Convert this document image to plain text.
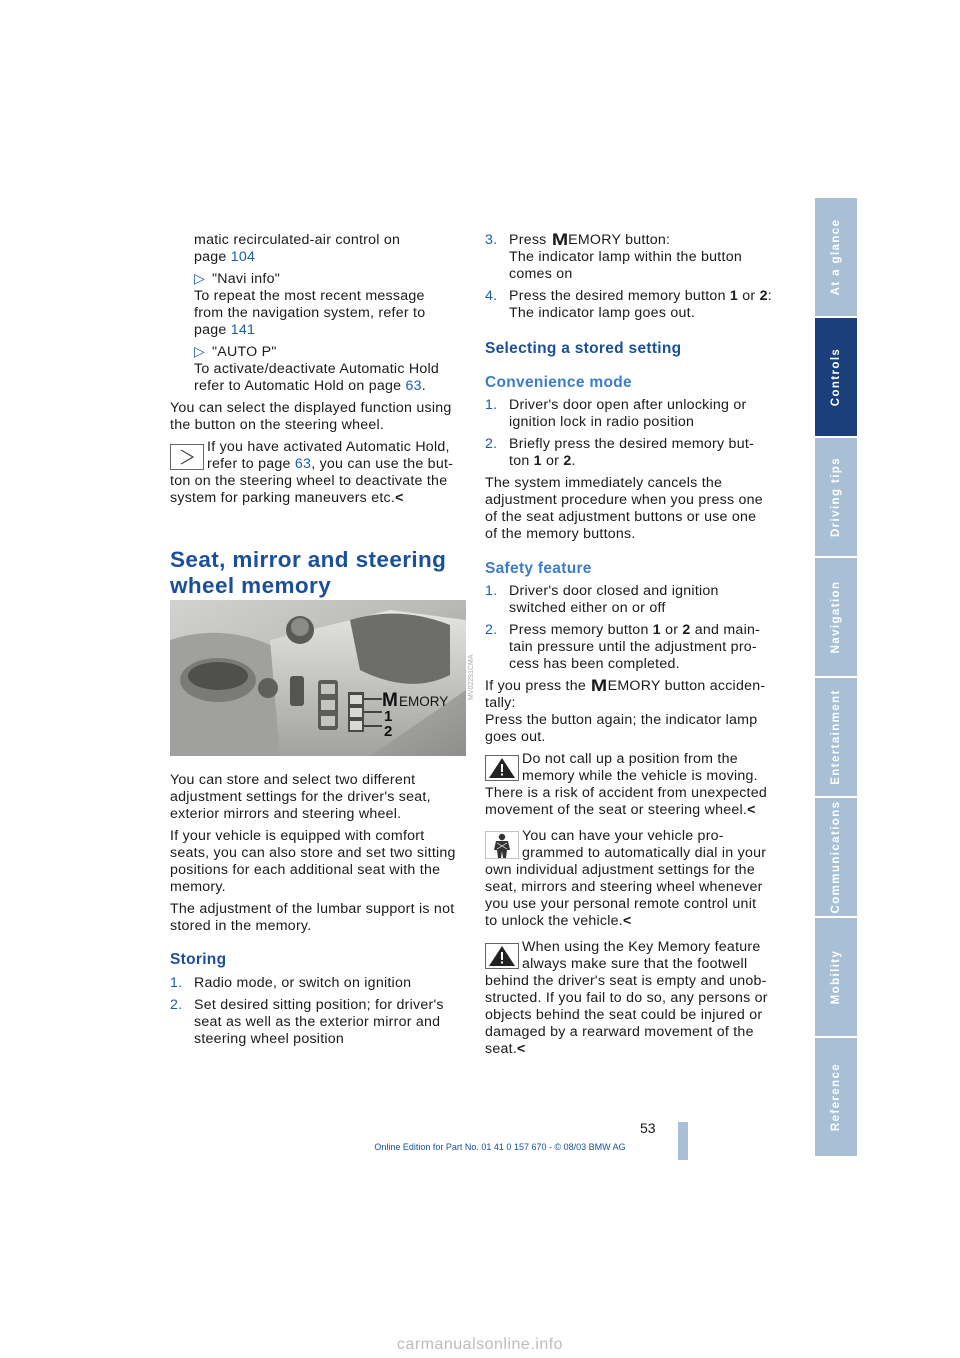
matic recirculated-air control on

page 104

▷ "Navi info"

To repeat the most recent message

from the navigation system, refer to

page 141

▷ "AUTO P"

To activate/deactivate Automatic Hold

refer to Automatic Hold on page 63.

You can select the displayed function using

the button on the steering wheel.

If you have activated Automatic Hold,

refer to page 63, you can use the but-

ton on the steering wheel to deactivate the

system for parking maneuvers etc.<

Seat, mirror and steering
wheel memory
M EMORY
1
2
MV02291CMA

You can store and select two different

adjustment settings for the driver's seat,

exterior mirrors and steering wheel.

If your vehicle is equipped with comfort

seats, you can also store and set two sitting

positions for each additional seat with the

memory.

The adjustment of the lumbar support is not

stored in the memory.

Storing
1. Radio mode, or switch on ignition

2. Set desired sitting position; for driver's

seat as well as the exterior mirror and

steering wheel position

3. Press MEMORY button:

The indicator lamp within the button

comes on

4. Press the desired memory button 1 or 2:

The indicator lamp goes out.

Selecting a stored setting
Convenience mode
1. Driver's door open after unlocking or

ignition lock in radio position

2. Briefly press the desired memory but-

ton 1 or 2.

The system immediately cancels the

adjustment procedure when you press one

of the seat adjustment buttons or use one

of the memory buttons.

Safety feature
1. Driver's door closed and ignition

switched either on or off

2. Press memory button 1 or 2 and main-

tain pressure until the adjustment pro-

cess has been completed.

If you press the MEMORY button acciden-

tally:

Press the button again; the indicator lamp

goes out.

Do not call up a position from the

memory while the vehicle is moving.

There is a risk of accident from unexpected

movement of the seat or steering wheel.<

You can have your vehicle pro-

grammed to automatically dial in your

own individual adjustment settings for the

seat, mirrors and steering wheel whenever

you use your personal remote control unit

to unlock the vehicle.<

When using the Key Memory feature

always make sure that the footwell

behind the driver's seat is empty and unob-

structed. If you fail to do so, any persons or

objects behind the seat could be injured or

damaged by a rearward movement of the

seat.<

At a glance
Controls
Driving tips
Navigation
Entertainment
Communications
Mobility
Reference
53
Online Edition for Part No. 01 41 0 157 670 - © 08/03 BMW AG
carmanualsonline.info
